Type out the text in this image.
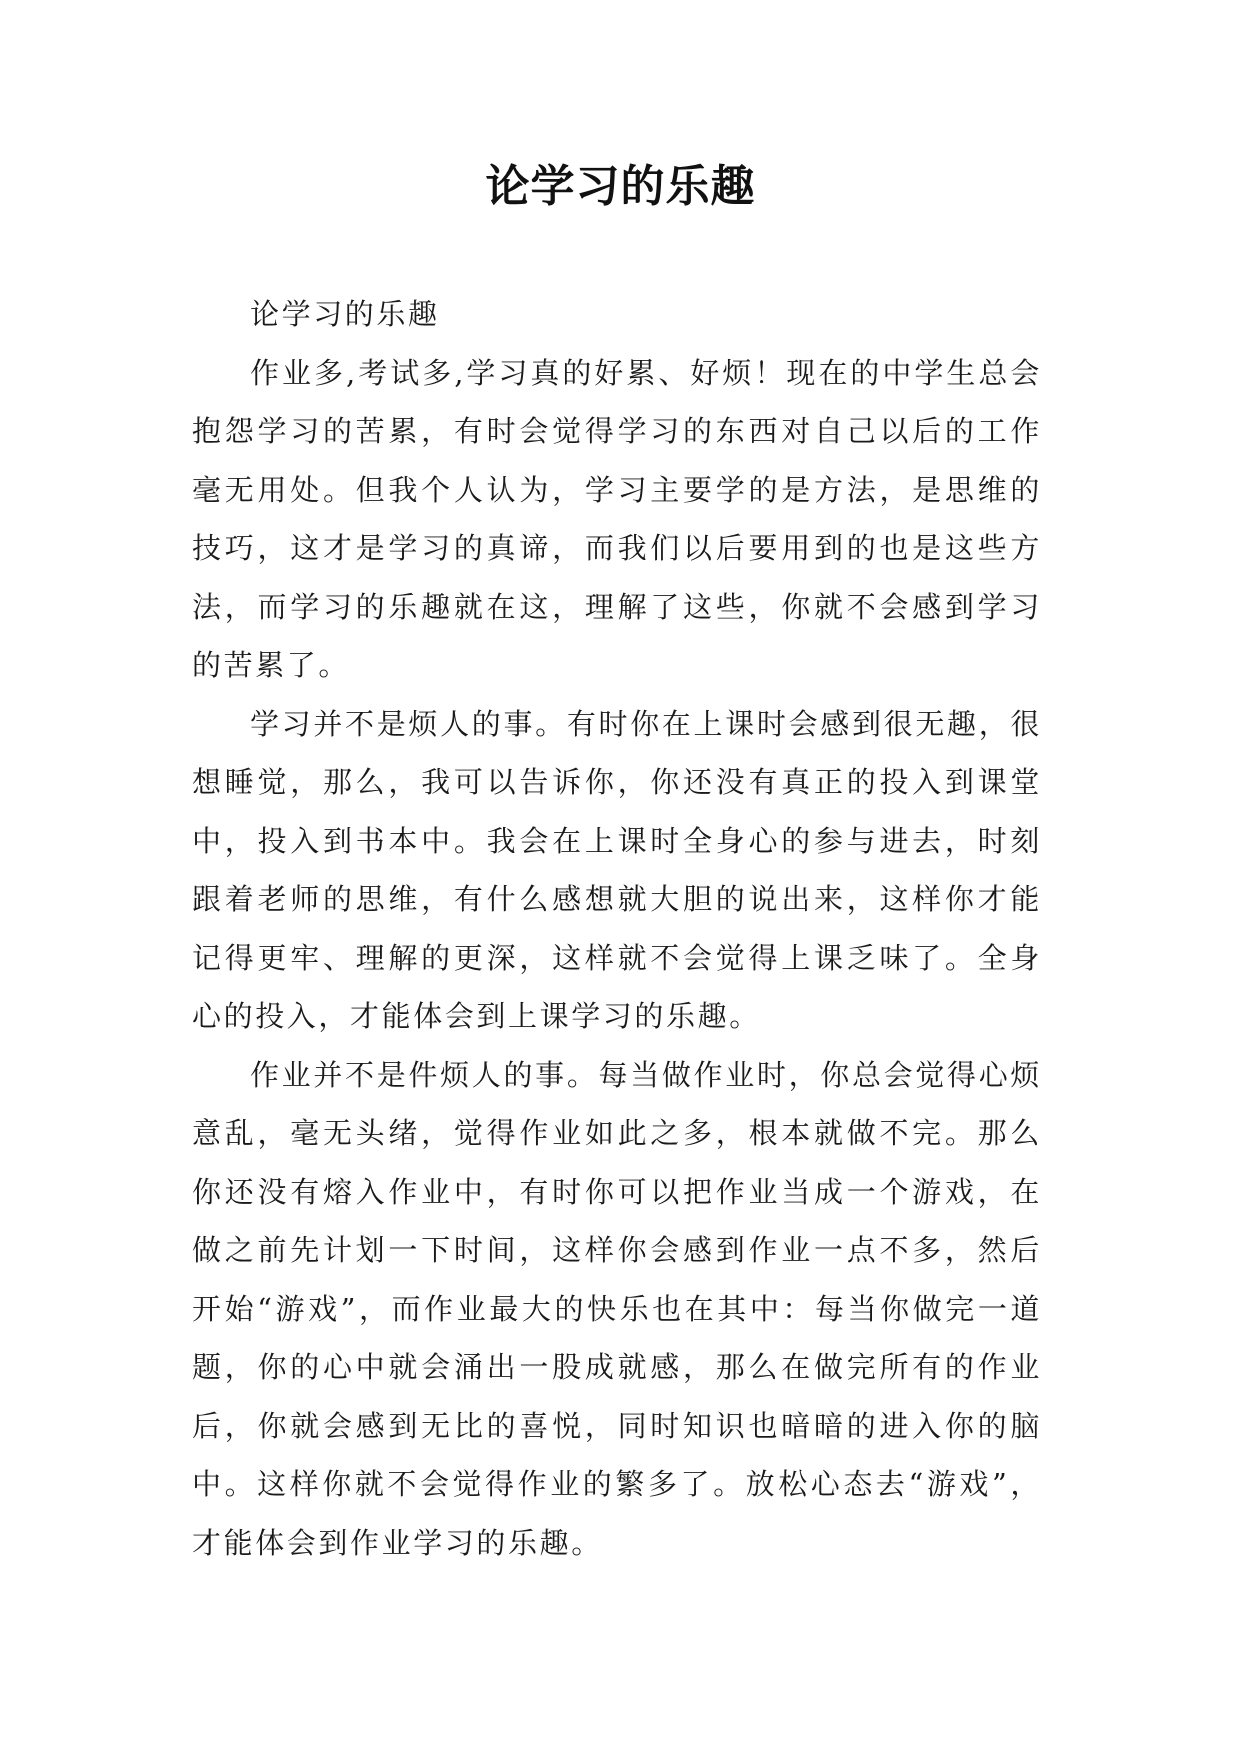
论学习的乐趣

论学习的乐趣

作业多,考试多,学习真的好累、好烦！现在的中学生总会抱怨学习的苦累，有时会觉得学习的东西对自己以后的工作毫无用处。但我个人认为，学习主要学的是方法，是思维的技巧，这才是学习的真谛，而我们以后要用到的也是这些方法，而学习的乐趣就在这，理解了这些，你就不会感到学习的苦累了。

学习并不是烦人的事。有时你在上课时会感到很无趣，很想睡觉，那么，我可以告诉你，你还没有真正的投入到课堂中，投入到书本中。我会在上课时全身心的参与进去，时刻跟着老师的思维，有什么感想就大胆的说出来，这样你才能记得更牢、理解的更深，这样就不会觉得上课乏味了。全身心的投入，才能体会到上课学习的乐趣。

作业并不是件烦人的事。每当做作业时，你总会觉得心烦意乱，毫无头绪，觉得作业如此之多，根本就做不完。那么你还没有熔入作业中，有时你可以把作业当成一个游戏，在做之前先计划一下时间，这样你会感到作业一点不多，然后开始“游戏”，而作业最大的快乐也在其中：每当你做完一道题，你的心中就会涌出一股成就感，那么在做完所有的作业后，你就会感到无比的喜悦，同时知识也暗暗的进入你的脑中。这样你就不会觉得作业的繁多了。放松心态去“游戏”，才能体会到作业学习的乐趣。
